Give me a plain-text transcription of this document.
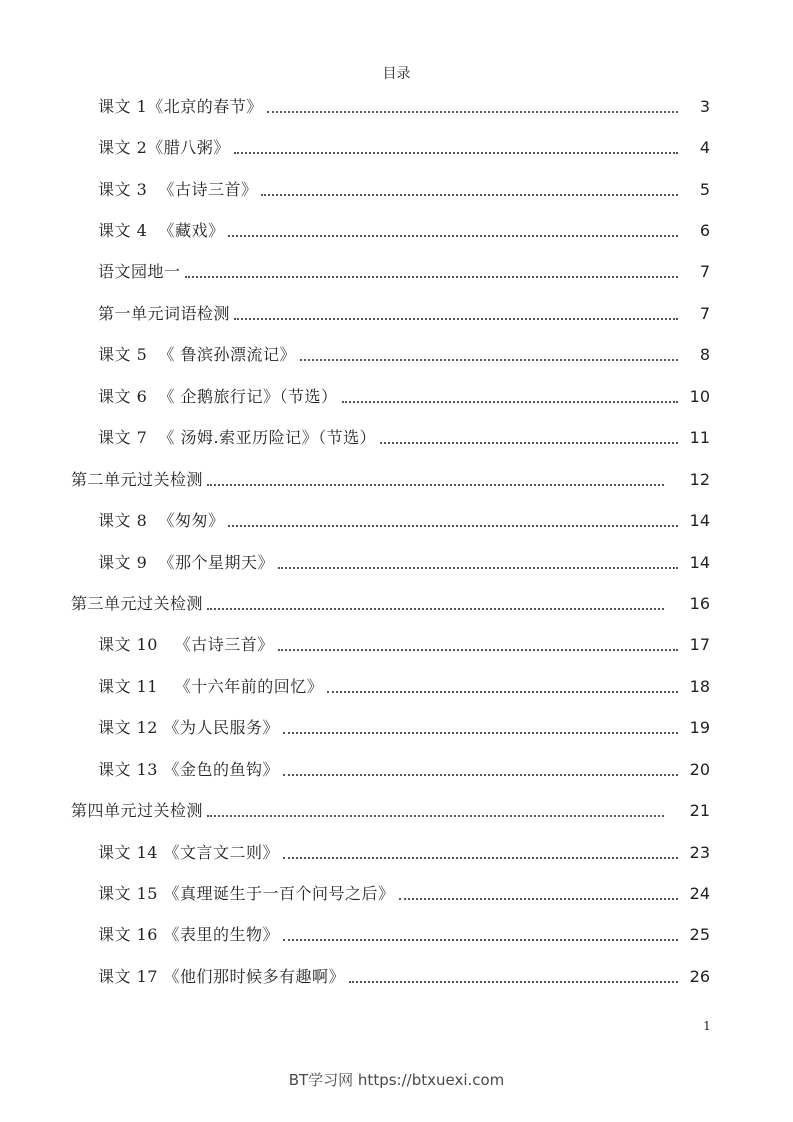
目录
课文 1《北京的春节》	3
课文 2《腊八粥》	4
课文 3  《古诗三首》	5
课文 4  《藏戏》	6
语文园地一	7
第一单元词语检测	7
课文 5  《 鲁滨孙漂流记》	8
课文 6  《 企鹅旅行记》（节选）	10
课文 7  《 汤姆.索亚历险记》（节选）	11
第二单元过关检测	12
课文 8  《匆匆》	14
课文 9  《那个星期天》	14
第三单元过关检测	16
课文 10   《古诗三首》	17
课文 11   《十六年前的回忆》	18
课文 12 《为人民服务》	19
课文 13 《金色的鱼钩》	20
第四单元过关检测	21
课文 14 《文言文二则》	23
课文 15 《真理诞生于一百个问号之后》	24
课文 16 《表里的生物》	25
课文 17 《他们那时候多有趣啊》	26
1
BT学习网 https://btxuexi.com
